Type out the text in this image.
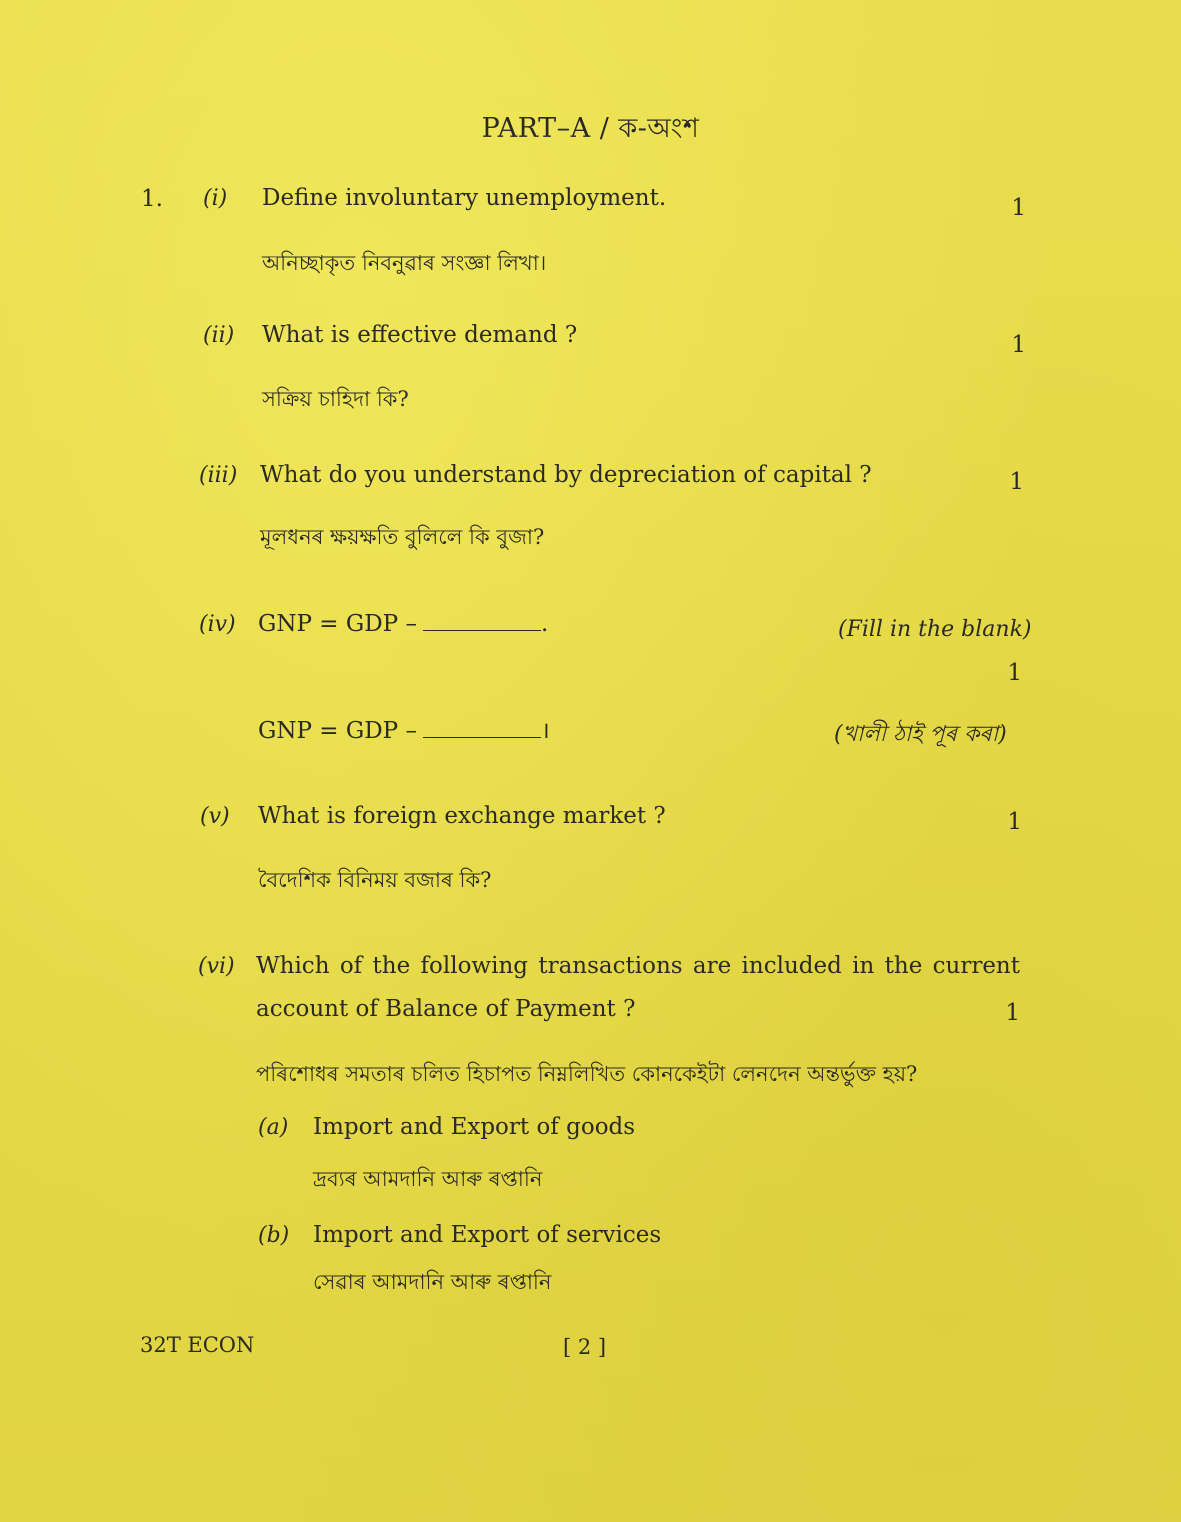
PART–A / ক-অংশ
1. (i) Define involuntary unemployment.	1
অনিচ্ছাকৃত নিবনুৱাৰ সংজ্ঞা লিখা।
(ii) What is effective demand ?	1
সক্ৰিয় চাহিদা কি?
(iii) What do you understand by depreciation of capital ?	1
মূলধনৰ ক্ষয়ক্ষতি বুলিলে কি বুজা?
(iv) GNP = GDP –	.	(Fill in the blank)
1
GNP = GDP –	।	(খালী ঠাই পূৰ কৰা)
(v) What is foreign exchange market ?	1
বৈদেশিক বিনিময় বজাৰ কি?
(vi) Which of the following transactions are included in the current
account of Balance of Payment ?	1
পৰিশোধৰ সমতাৰ চলিত হিচাপত নিম্নলিখিত কোনকেইটা লেনদেন অন্তৰ্ভুক্ত হয়?
(a) Import and Export of goods
দ্ৰব্যৰ আমদানি আৰু ৰপ্তানি
(b) Import and Export of services
সেৱাৰ আমদানি আৰু ৰপ্তানি
32T ECON	[ 2 ]
